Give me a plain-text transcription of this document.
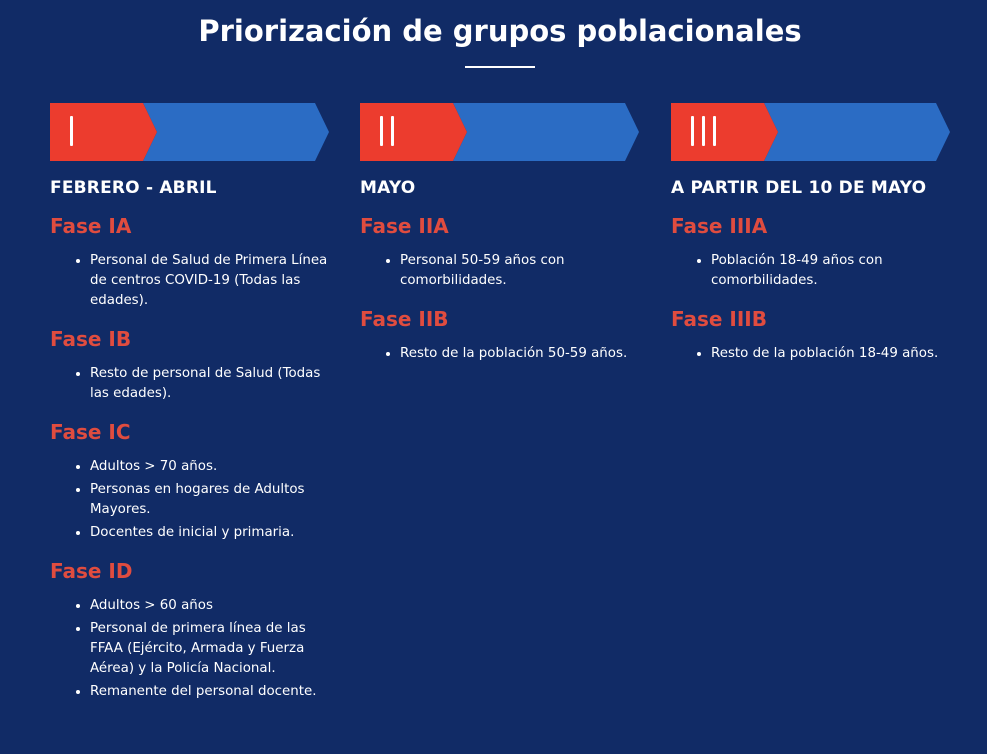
Priorización de grupos poblacionales
FEBRERO - ABRIL
Fase IA
• Personal de Salud de Primera Línea de centros COVID-19 (Todas las edades).
Fase IB
• Resto de personal de Salud (Todas las edades).
Fase IC
• Adultos > 70 años.
• Personas en hogares de Adultos Mayores.
• Docentes de inicial y primaria.
Fase ID
• Adultos > 60 años
• Personal de primera línea de las FFAA (Ejército, Armada y Fuerza Aérea) y la Policía Nacional.
• Remanente del personal docente.
MAYO
Fase IIA
• Personal 50-59 años con comorbilidades.
Fase IIB
• Resto de la población 50-59 años.
A PARTIR DEL 10 DE MAYO
Fase IIIA
• Población 18-49 años con comorbilidades.
Fase IIIB
• Resto de la población 18-49 años.
